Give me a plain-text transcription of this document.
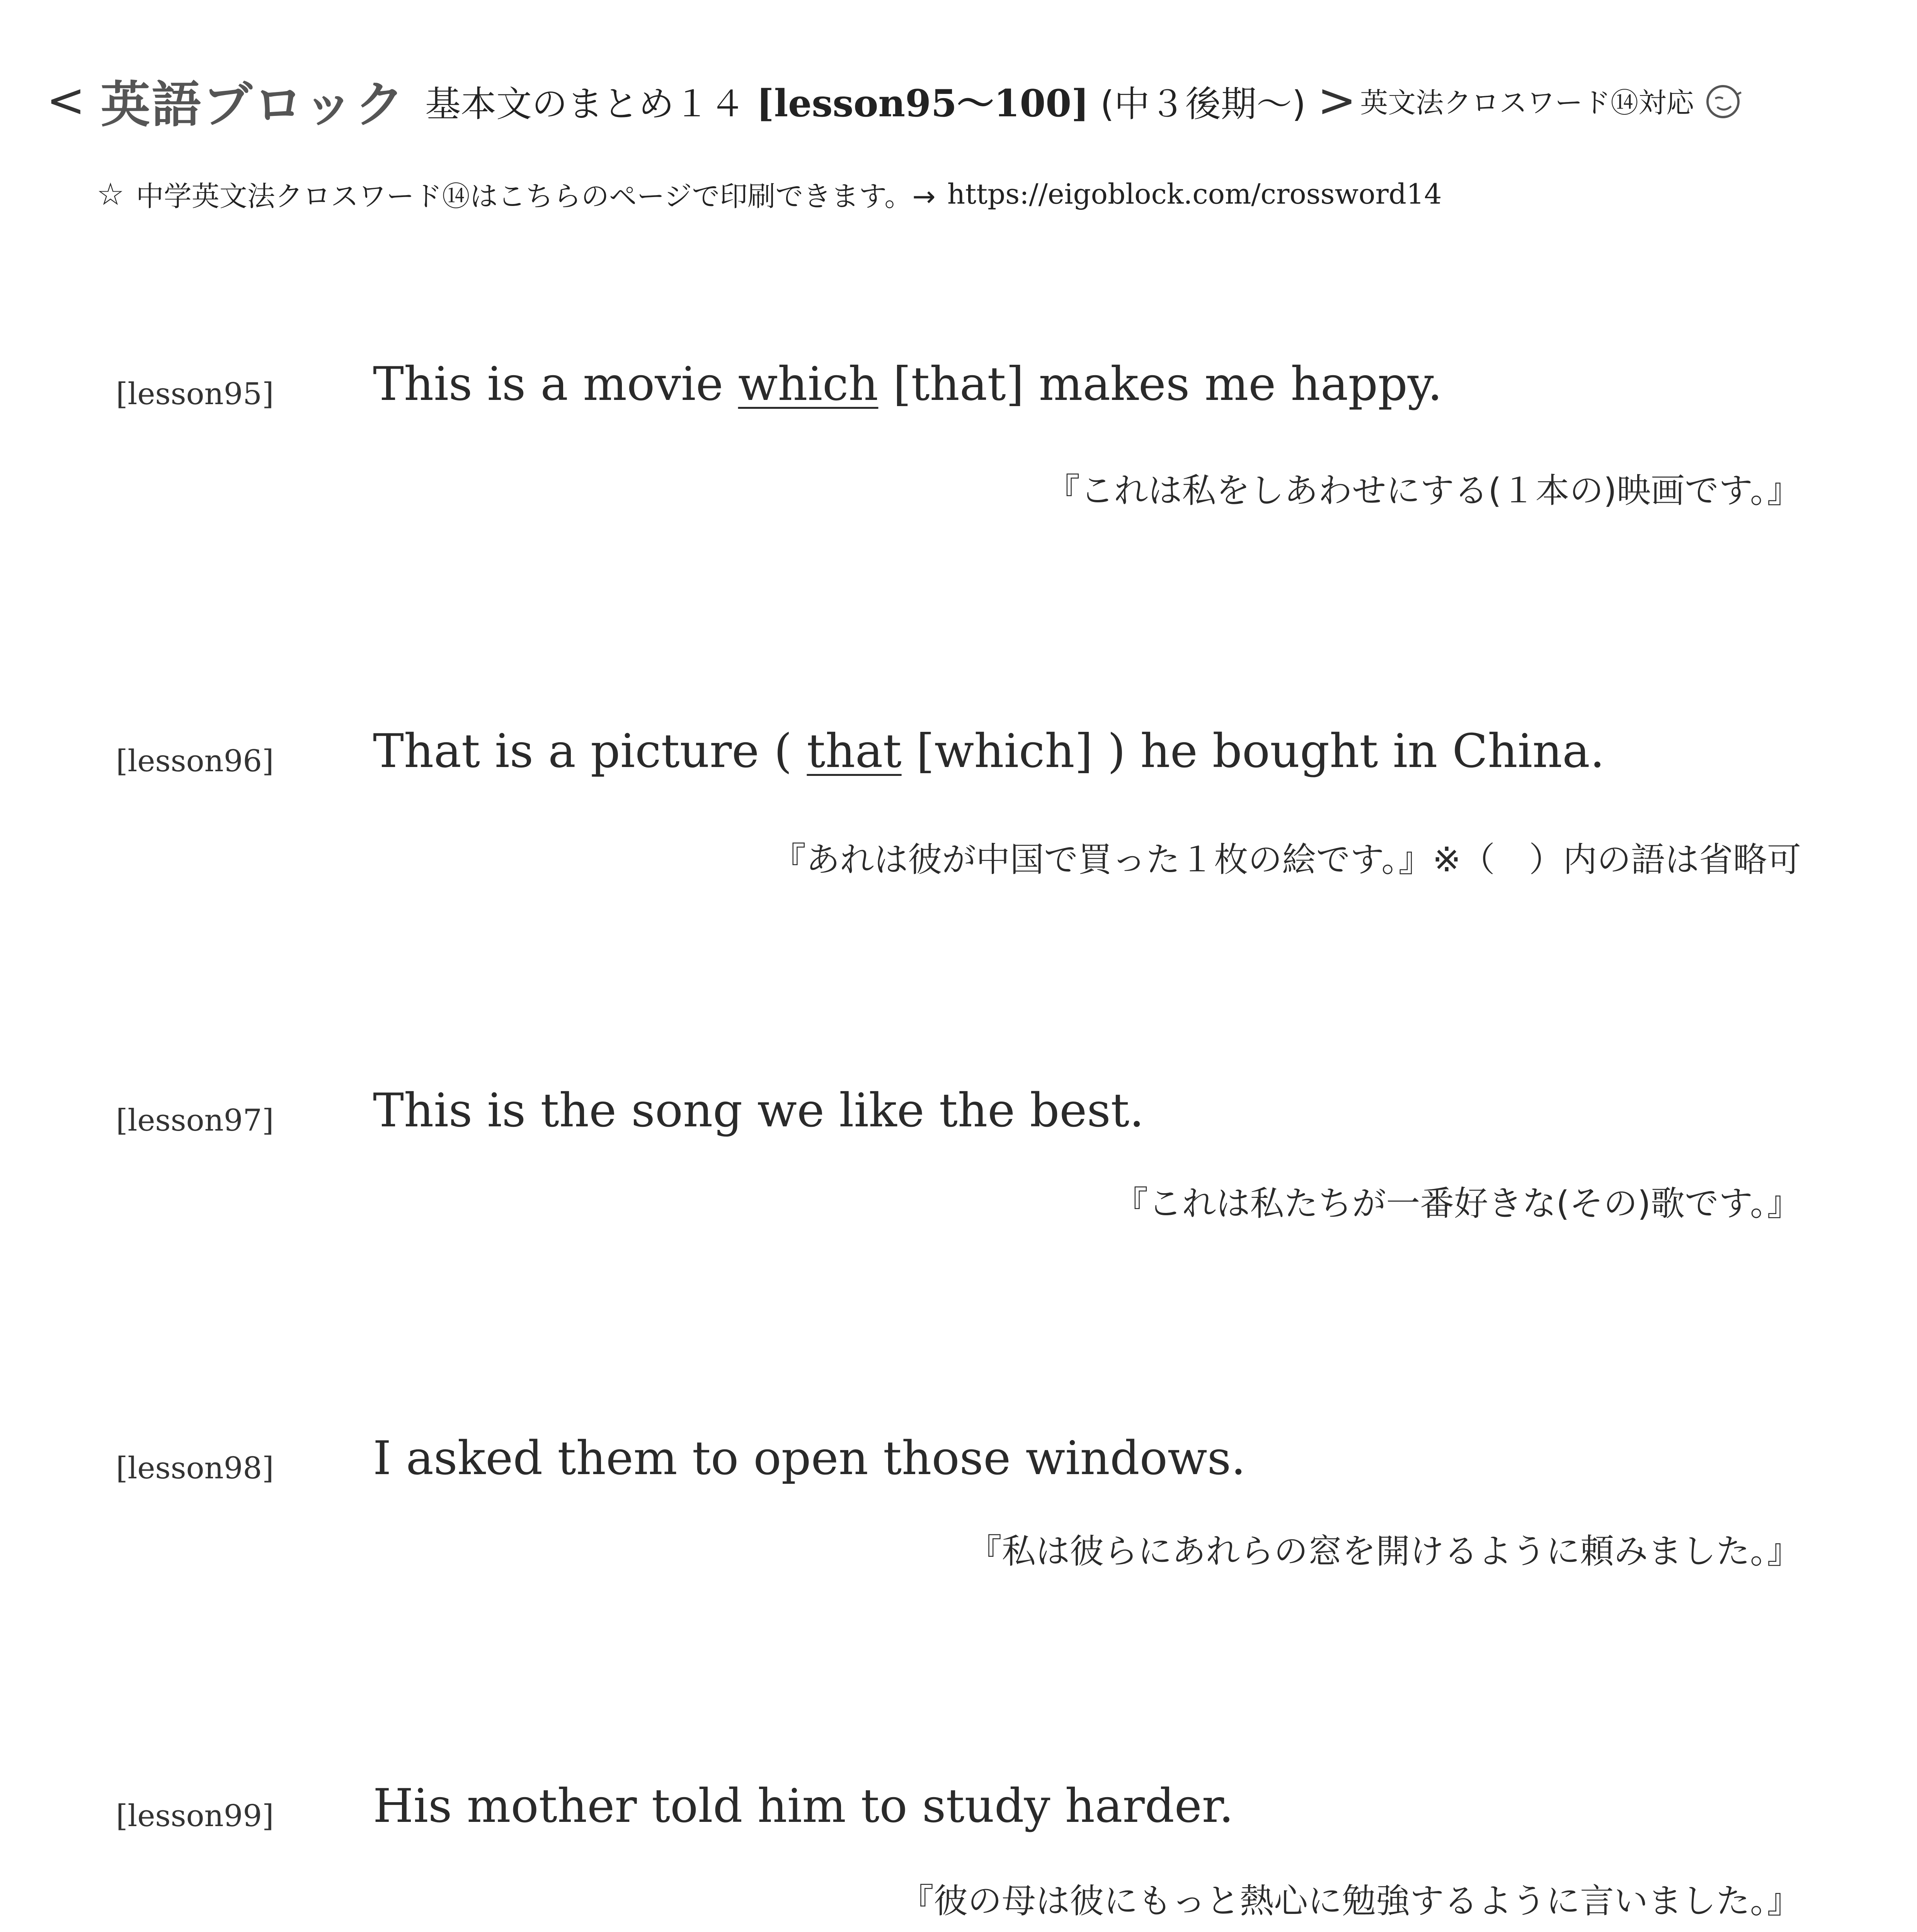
< 英語ブロック 基本文のまとめ１４ [lesson95～100] (中３後期～) > 英文法クロスワード⑭対応
☆ 中学英文法クロスワード⑭はこちらのページで印刷できます。→ https://eigoblock.com/crossword14
[lesson95] This is a movie which [that] makes me happy.
『これは私をしあわせにする(１本の)映画です。』
[lesson96] That is a picture ( that [which] ) he bought in China.
『あれは彼が中国で買った１枚の絵です。』※（　）内の語は省略可
[lesson97] This is the song we like the best.
『これは私たちが一番好きな(その)歌です。』
[lesson98] I asked them to open those windows.
『私は彼らにあれらの窓を開けるように頼みました。』
[lesson99] His mother told him to study harder.
『彼の母は彼にもっと熱心に勉強するように言いました。』
